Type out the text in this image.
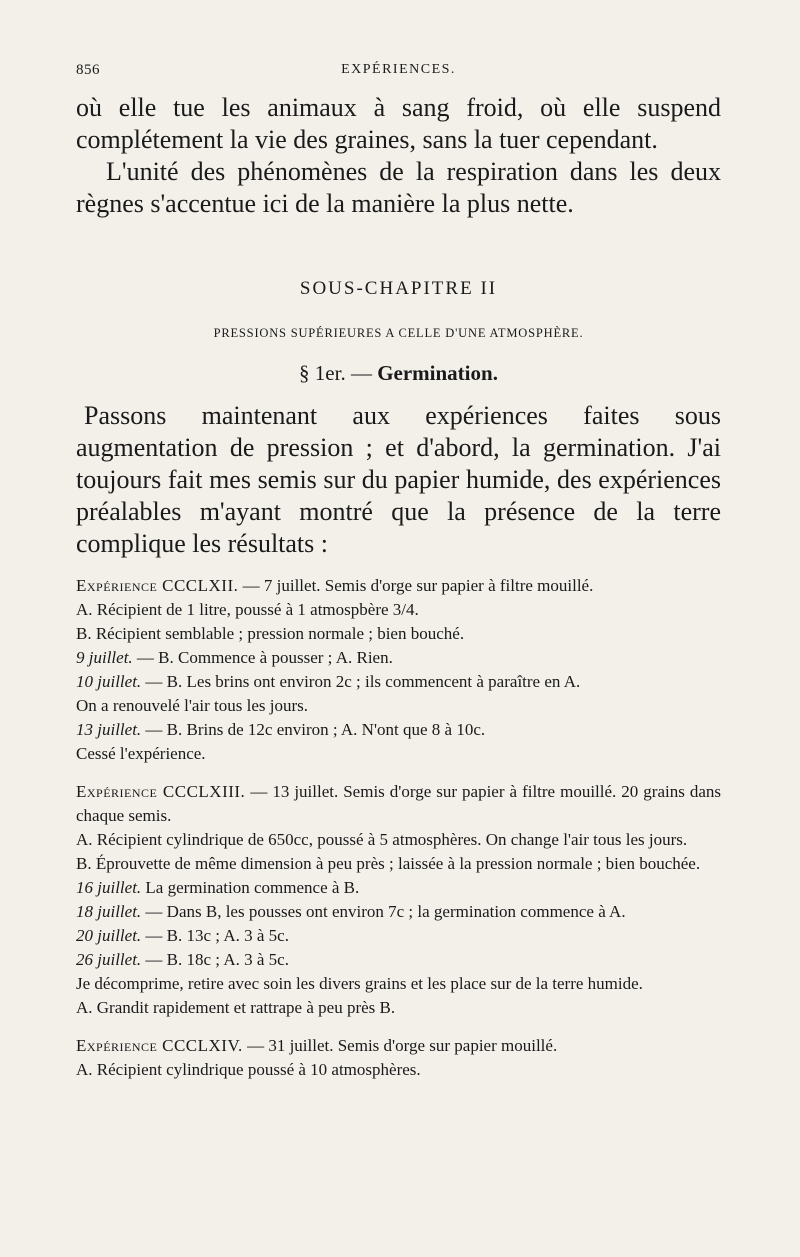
856	EXPÉRIENCES.

où elle tue les animaux à sang froid, où elle suspend complétement la vie des graines, sans la tuer cependant.

L'unité des phénomènes de la respiration dans les deux règnes s'accentue ici de la manière la plus nette.

SOUS-CHAPITRE II

PRESSIONS SUPÉRIEURES A CELLE D'UNE ATMOSPHÈRE.

§ 1er. — Germination.

Passons maintenant aux expériences faites sous augmentation de pression ; et d'abord, la germination. J'ai toujours fait mes semis sur du papier humide, des expériences préalables m'ayant montré que la présence de la terre complique les résultats :

Expérience CCCLXII. — 7 juillet. Semis d'orge sur papier à filtre mouillé.

A. Récipient de 1 litre, poussé à 1 atmospbère 3/4.

B. Récipient semblable ; pression normale ; bien bouché.

9 juillet. — B. Commence à pousser ; A. Rien.

10 juillet. — B. Les brins ont environ 2c ; ils commencent à paraître en A.

On a renouvelé l'air tous les jours.

13 juillet. — B. Brins de 12c environ ; A. N'ont que 8 à 10c.

Cessé l'expérience.

Expérience CCCLXIII. — 13 juillet. Semis d'orge sur papier à filtre mouillé. 20 grains dans chaque semis.

A. Récipient cylindrique de 650cc, poussé à 5 atmosphères. On change l'air tous les jours.

B. Éprouvette de même dimension à peu près ; laissée à la pression normale ; bien bouchée.

16 juillet. La germination commence à B.

18 juillet. — Dans B, les pousses ont environ 7c ; la germination commence à A.

20 juillet. — B. 13c ; A. 3 à 5c.

26 juillet. — B. 18c ; A. 3 à 5c.

Je décomprime, retire avec soin les divers grains et les place sur de la terre humide.

A. Grandit rapidement et rattrape à peu près B.

Expérience CCCLXIV. — 31 juillet. Semis d'orge sur papier mouillé.

A. Récipient cylindrique poussé à 10 atmosphères.
